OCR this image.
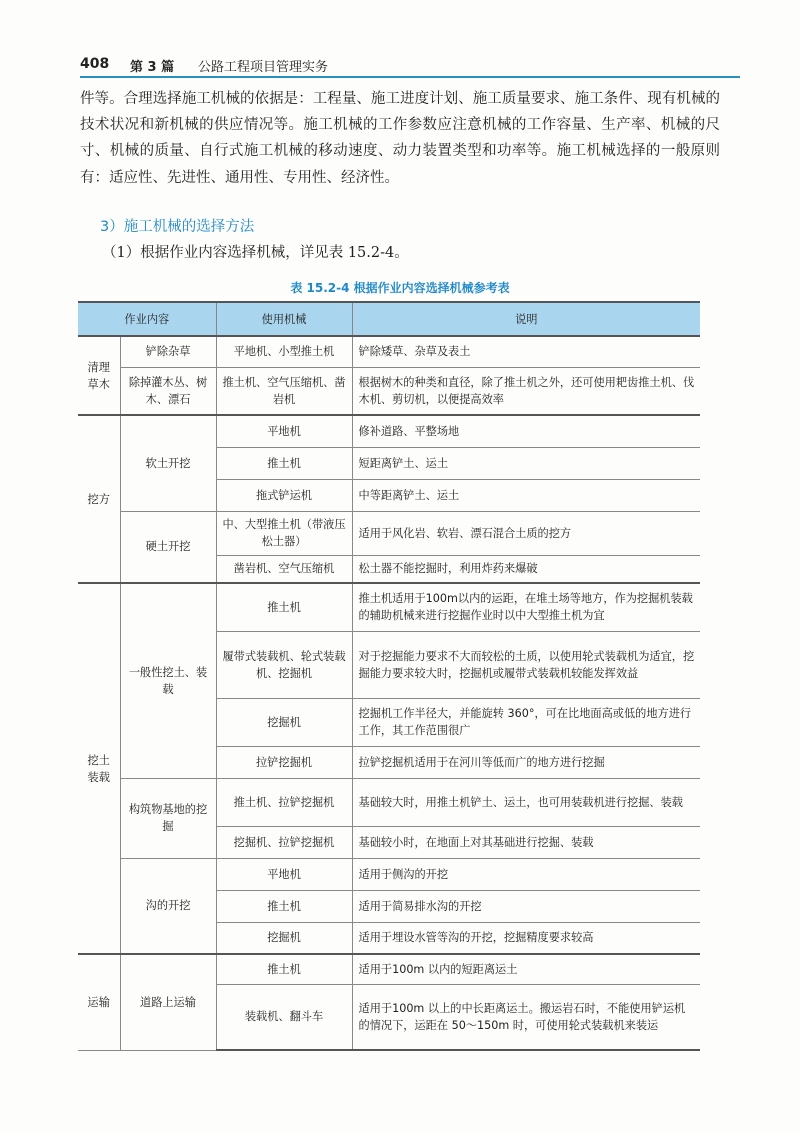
408 第 3 篇 公路工程项目管理实务

件等。合理选择施工机械的依据是：工程量、施工进度计划、施工质量要求、施工条件、现有机械的技术状况和新机械的供应情况等。施工机械的工作参数应注意机械的工作容量、生产率、机械的尺寸、机械的质量、自行式施工机械的移动速度、动力装置类型和功率等。施工机械选择的一般原则有：适应性、先进性、通用性、专用性、经济性。

3）施工机械的选择方法
（1）根据作业内容选择机械，详见表 15.2-4。
表 15.2-4 根据作业内容选择机械参考表
作业内容		使用机械	说明
清理草木	铲除杂草	平地机、小型推土机	铲除矮草、杂草及表土
	除掉灌木丛、树木、漂石	推土机、空气压缩机、凿岩机	根据树木的种类和直径，除了推土机之外，还可使用耙齿推土机、伐木机、剪切机，以便提高效率
挖方	软土开挖	平地机	修补道路、平整场地
		推土机	短距离铲土、运土
		拖式铲运机	中等距离铲土、运土
	硬土开挖	中、大型推土机（带液压松土器）	适用于风化岩、软岩、漂石混合土质的挖方
		凿岩机、空气压缩机	松土器不能挖掘时，利用炸药来爆破
挖土装载	一般性挖土、装载	推土机	推土机适用于100m以内的运距，在堆土场等地方，作为挖掘机装载的辅助机械来进行挖掘作业时以中大型推土机为宜
		履带式装载机、轮式装载机、挖掘机	对于挖掘能力要求不大而较松的土质，以使用轮式装载机为适宜，挖掘能力要求较大时，挖掘机或履带式装载机较能发挥效益
		挖掘机	挖掘机工作半径大，并能旋转 360°，可在比地面高或低的地方进行工作，其工作范围很广
		拉铲挖掘机	拉铲挖掘机适用于在河川等低而广的地方进行挖掘
	构筑物基地的挖掘	推土机、拉铲挖掘机	基础较大时，用推土机铲土、运土，也可用装载机进行挖掘、装载
		挖掘机、拉铲挖掘机	基础较小时，在地面上对其基础进行挖掘、装载
	沟的开挖	平地机	适用于侧沟的开挖
		推土机	适用于简易排水沟的开挖
		挖掘机	适用于埋设水管等沟的开挖，挖掘精度要求较高
运输	道路上运输	推土机	适用于100m 以内的短距离运土
		装载机、翻斗车	适用于100m 以上的中长距离运土。搬运岩石时，不能使用铲运机的情况下，运距在 50～150m 时，可使用轮式装载机来装运
